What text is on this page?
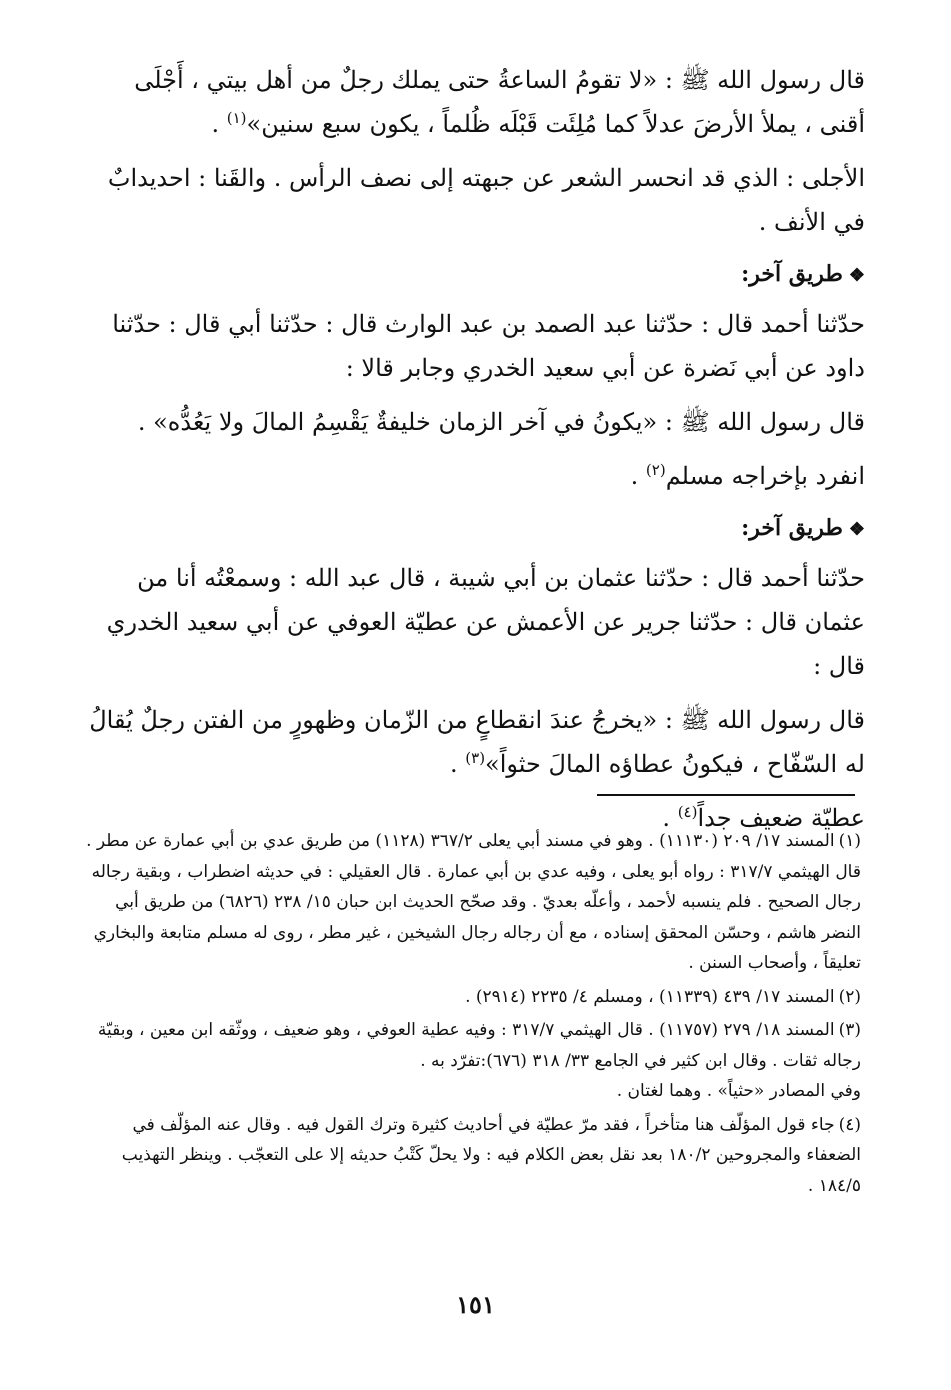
قال رسول الله ﷺ : «لا تقومُ الساعةُ حتى يملك رجلٌ من أهل بيتي ، أَجْلَى أقنى ، يملأ الأرضَ عدلاً كما مُلِئَت قَبْلَه ظُلماً ، يكون سبع سنين»$^{(١)}$ .

الأجلى : الذي قد انحسر الشعر عن جبهته إلى نصف الرأس . والقَنا : احديدابٌ في الأنف .

❖طريق آخر:

حدّثنا أحمد قال : حدّثنا عبد الصمد بن عبد الوارث قال : حدّثنا أبي قال : حدّثنا داود عن أبي نَضرة عن أبي سعيد الخدري وجابر قالا :

قال رسول الله ﷺ : «يكونُ في آخر الزمان خليفةٌ يَقْسِمُ المالَ ولا يَعُدُّه» .

انفرد بإخراجه مسلم$^{(٢)}$ .

❖طريق آخر:

حدّثنا أحمد قال : حدّثنا عثمان بن أبي شيبة ، قال عبد الله : وسمعْتُه أنا من عثمان قال : حدّثنا جرير عن الأعمش عن عطيّة العوفي عن أبي سعيد الخدري قال :

قال رسول الله ﷺ : «يخرجُ عندَ انقطاعٍ من الزّمان وظهورٍ من الفتن رجلٌ يُقالُ له السّفّاح ، فيكونُ عطاؤه المالَ حثواً»$^{(٣)}$ .

عطيّة ضعيف جداً$^{(٤)}$ .

(١)المسند ١٧/ ٢٠٩ (١١١٣٠) . وهو في مسند أبي يعلى ٣٦٧/٢ (١١٢٨) من طريق عدي بن أبي عمارة عن مطر . قال الهيثمي ٣١٧/٧ : رواه أبو يعلى ، وفيه عدي بن أبي عمارة . قال العقيلي : في حديثه اضطراب ، وبقية رجاله رجال الصحيح . فلم ينسبه لأحمد ، وأعلّه بعديّ . وقد صحّح الحديث ابن حبان ١٥/ ٢٣٨ (٦٨٢٦) من طريق أبي النضر هاشم ، وحسّن المحقق إسناده ، مع أن رجاله رجال الشيخين ، غير مطر ، روى له مسلم متابعة والبخاري تعليقاً ، وأصحاب السنن .

(٢)المسند ١٧/ ٤٣٩ (١١٣٣٩) ، ومسلم ٤/ ٢٢٣٥ (٢٩١٤) .

(٣)المسند ١٨/ ٢٧٩ (١١٧٥٧) . قال الهيثمي ٣١٧/٧ : وفيه عطية العوفي ، وهو ضعيف ، ووثّقه ابن معين ، وبقيّة رجاله ثقات . وقال ابن كثير في الجامع ٣٣/ ٣١٨ (٦٧٦):تفرّد به .
وفي المصادر «حثياً» . وهما لغتان .

(٤)جاء قول المؤلّف هنا متأخراً ، فقد مرّ عطيّة في أحاديث كثيرة وترك القول فيه . وقال عنه المؤلّف في الضعفاء والمجروحين ١٨٠/٢ بعد نقل بعض الكلام فيه : ولا يحلّ كَتْبُ حديثه إلا على التعجّب . وينظر التهذيب ١٨٤/٥ .

١٥١
